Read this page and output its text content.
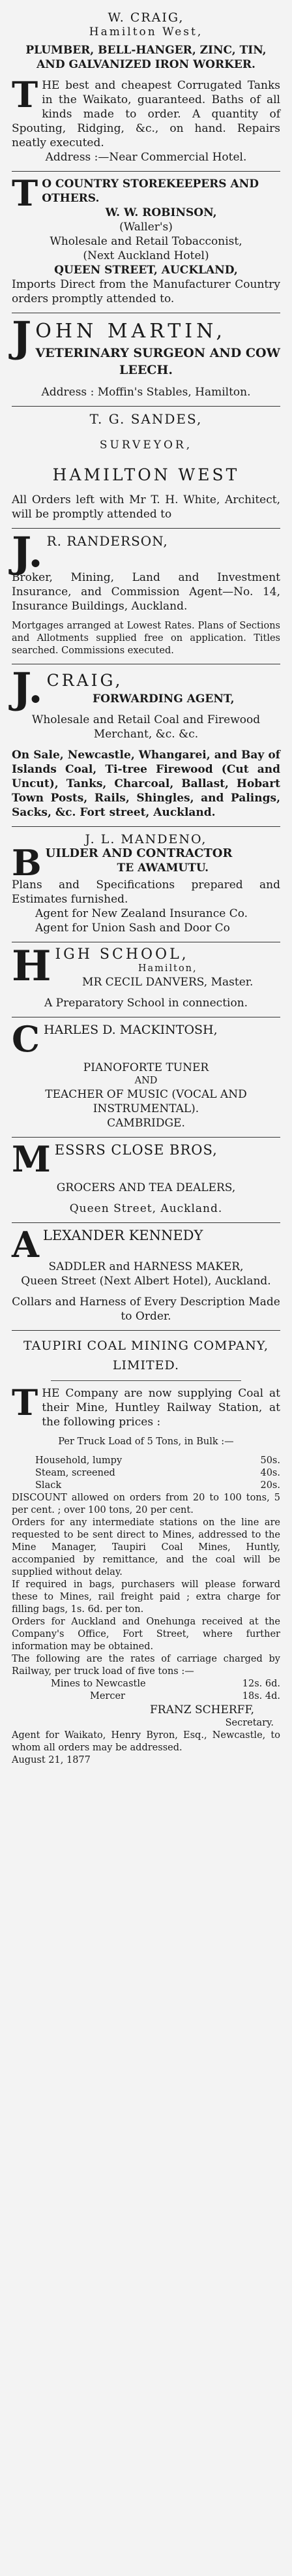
W. CRAIG,

Hamilton West,

PLUMBER, BELL-HANGER, ZINC, TIN, AND GALVANIZED IRON WORKER.

THE best and cheapest Corrugated Tanks in the Waikato, guaranteed. Baths of all kinds made to order. A quantity of Spouting, Ridging, &c., on hand. Repairs neatly executed.

Address :—Near Commercial Hotel.

T O COUNTRY STOREKEEPERS AND OTHERS.

W. W. ROBINSON,

(Waller's)

Wholesale and Retail Tobacconist,

(Next Auckland Hotel)

QUEEN STREET, AUCKLAND,

Imports Direct from the Manufacturer Country orders promptly attended to.

JOHN MARTIN,

VETERINARY SURGEON AND COW LEECH.

Address : Moffin's Stables, Hamilton.

T. G. SANDES,

SURVEYOR,

HAMILTON WEST

All Orders left with Mr T. H. White, Architect, will be promptly attended to

J. R. RANDERSON,

Broker, Mining, Land and Investment Insurance, and Commission Agent—No. 14, Insurance Buildings, Auckland.

Mortgages arranged at Lowest Rates. Plans of Sections and Allotments supplied free on application. Titles searched. Commissions executed.

J. CRAIG,

FORWARDING AGENT,

Wholesale and Retail Coal and Firewood Merchant, &c. &c.

On Sale, Newcastle, Whangarei, and Bay of Islands Coal, Ti-tree Firewood (Cut and Uncut), Tanks, Charcoal, Ballast, Hobart Town Posts, Rails, Shingles, and Palings, Sacks, &c. Fort street, Auckland.

J. L. MANDENO,

BUILDER AND CONTRACTOR

TE AWAMUTU.

Plans and Specifications prepared and Estimates furnished.

Agent for New Zealand Insurance Co.

Agent for Union Sash and Door Co

HIGH SCHOOL,

Hamilton,

MR CECIL DANVERS, Master.

A Preparatory School in connection.

CHARLES D. MACKINTOSH,

PIANOFORTE TUNER

AND

TEACHER OF MUSIC (VOCAL AND INSTRUMENTAL).

CAMBRIDGE.

MESSRS CLOSE BROS,

GROCERS AND TEA DEALERS,

Queen Street, Auckland.

ALEXANDER KENNEDY

SADDLER and HARNESS MAKER,

Queen Street (Next Albert Hotel), Auckland.

Collars and Harness of Every Description Made to Order.

TAUPIRI COAL MINING COMPANY, LIMITED.

THE Company are now supplying Coal at their Mine, Huntley Railway Station, at the following prices :

Per Truck Load of 5 Tons, in Bulk :—

Household, lumpy	50s.
Steam, screened	40s.
Slack	20s.

DISCOUNT allowed on orders from 20 to 100 tons, 5 per cent. ; over 100 tons, 20 per cent.

Orders for any intermediate stations on the line are requested to be sent direct to Mines, addressed to the Mine Manager, Taupiri Coal Mines, Huntly, accompanied by remittance, and the coal will be supplied without delay.

If required in bags, purchasers will please forward these to Mines, rail freight paid ; extra charge for filling bags, 1s. 6d. per ton.

Orders for Auckland and Onehunga received at the Company's Office, Fort Street, where further information may be obtained.

The following are the rates of carriage charged by Railway, per truck load of five tons :—

Mines to Newcastle	12s. 6d.
Mercer	18s. 4d.

FRANZ SCHERFF,

Secretary.

Agent for Waikato, Henry Byron, Esq., Newcastle, to whom all orders may be addressed.

August 21, 1877
